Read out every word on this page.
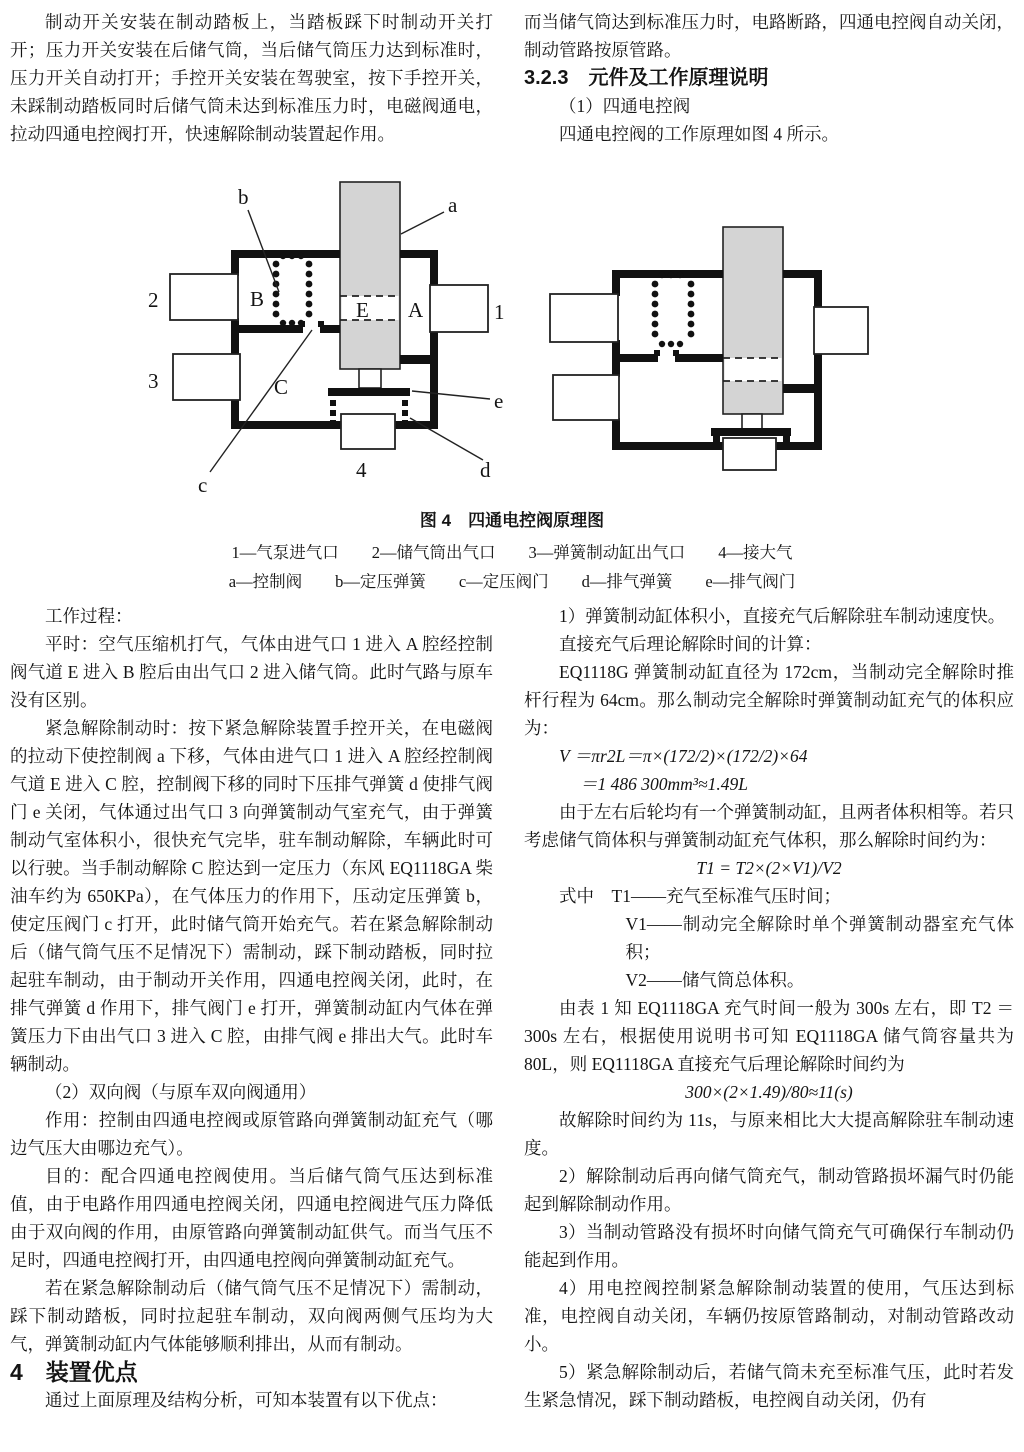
制动开关安装在制动踏板上，当踏板踩下时制动开关打开；压力开关安装在后储气筒，当后储气筒压力达到标准时，压力开关自动打开；手控开关安装在驾驶室，按下手控开关，未踩制动踏板同时后储气筒未达到标准压力时，电磁阀通电，拉动四通电控阀打开，快速解除制动装置起作用。

而当储气筒达到标准压力时，电路断路，四通电控阀自动关闭，制动管路按原管路。

3.2.3　元件及工作原理说明

（1）四通电控阀

四通电控阀的工作原理如图 4 所示。

b	a
2	B	E A	1
3	C
e
4	d
c

图 4　四通电控阀原理图

1—气泵进气口　　2—储气筒出气口　　3—弹簧制动缸出气口　　4—接大气

a—控制阀　　b—定压弹簧　　c—定压阀门　　d—排气弹簧　　e—排气阀门

工作过程：

平时：空气压缩机打气，气体由进气口 1 进入 A 腔经控制阀气道 E 进入 B 腔后由出气口 2 进入储气筒。此时气路与原车没有区别。

紧急解除制动时：按下紧急解除装置手控开关，在电磁阀的拉动下使控制阀 a 下移，气体由进气口 1 进入 A 腔经控制阀气道 E 进入 C 腔，控制阀下移的同时下压排气弹簧 d 使排气阀门 e 关闭，气体通过出气口 3 向弹簧制动气室充气，由于弹簧制动气室体积小，很快充气完毕，驻车制动解除，车辆此时可以行驶。当手制动解除 C 腔达到一定压力（东风 EQ1118GA 柴油车约为 650KPa），在气体压力的作用下，压动定压弹簧 b，使定压阀门 c 打开，此时储气筒开始充气。若在紧急解除制动后（储气筒气压不足情况下）需制动，踩下制动踏板，同时拉起驻车制动，由于制动开关作用，四通电控阀关闭，此时，在排气弹簧 d 作用下，排气阀门 e 打开，弹簧制动缸内气体在弹簧压力下由出气口 3 进入 C 腔，由排气阀 e 排出大气。此时车辆制动。

（2）双向阀（与原车双向阀通用）

作用：控制由四通电控阀或原管路向弹簧制动缸充气（哪边气压大由哪边充气）。

目的：配合四通电控阀使用。当后储气筒气压达到标准值，由于电路作用四通电控阀关闭，四通电控阀进气压力降低由于双向阀的作用，由原管路向弹簧制动缸供气。而当气压不足时，四通电控阀打开，由四通电控阀向弹簧制动缸充气。

若在紧急解除制动后（储气筒气压不足情况下）需制动，踩下制动踏板，同时拉起驻车制动，双向阀两侧气压均为大气，弹簧制动缸内气体能够顺利排出，从而有制动。

4　装置优点

通过上面原理及结构分析，可知本装置有以下优点：

1）弹簧制动缸体积小，直接充气后解除驻车制动速度快。

直接充气后理论解除时间的计算：

EQ1118G 弹簧制动缸直径为 172cm，当制动完全解除时推杆行程为 64cm。那么制动完全解除时弹簧制动缸充气的体积应为：

V ＝πr2L＝π×(172/2)×(172/2)×64

＝1 486 300mm³≈1.49L

由于左右后轮均有一个弹簧制动缸，且两者体积相等。若只考虑储气筒体积与弹簧制动缸充气体积，那么解除时间约为：

T1 = T2×(2×V1)/V2

式中　T1——充气至标准气压时间；

V1——制动完全解除时单个弹簧制动器室充气体积；

V2——储气筒总体积。

由表 1 知 EQ1118GA 充气时间一般为 300s 左右，即 T2 ＝300s 左右，根据使用说明书可知 EQ1118GA 储气筒容量共为 80L，则 EQ1118GA 直接充气后理论解除时间约为

300×(2×1.49)/80≈11(s)

故解除时间约为 11s，与原来相比大大提高解除驻车制动速度。

2）解除制动后再向储气筒充气，制动管路损坏漏气时仍能起到解除制动作用。

3）当制动管路没有损坏时向储气筒充气可确保行车制动仍能起到作用。

4）用电控阀控制紧急解除制动装置的使用，气压达到标准，电控阀自动关闭，车辆仍按原管路制动，对制动管路改动小。

5）紧急解除制动后，若储气筒未充至标准气压，此时若发生紧急情况，踩下制动踏板，电控阀自动关闭，仍有
